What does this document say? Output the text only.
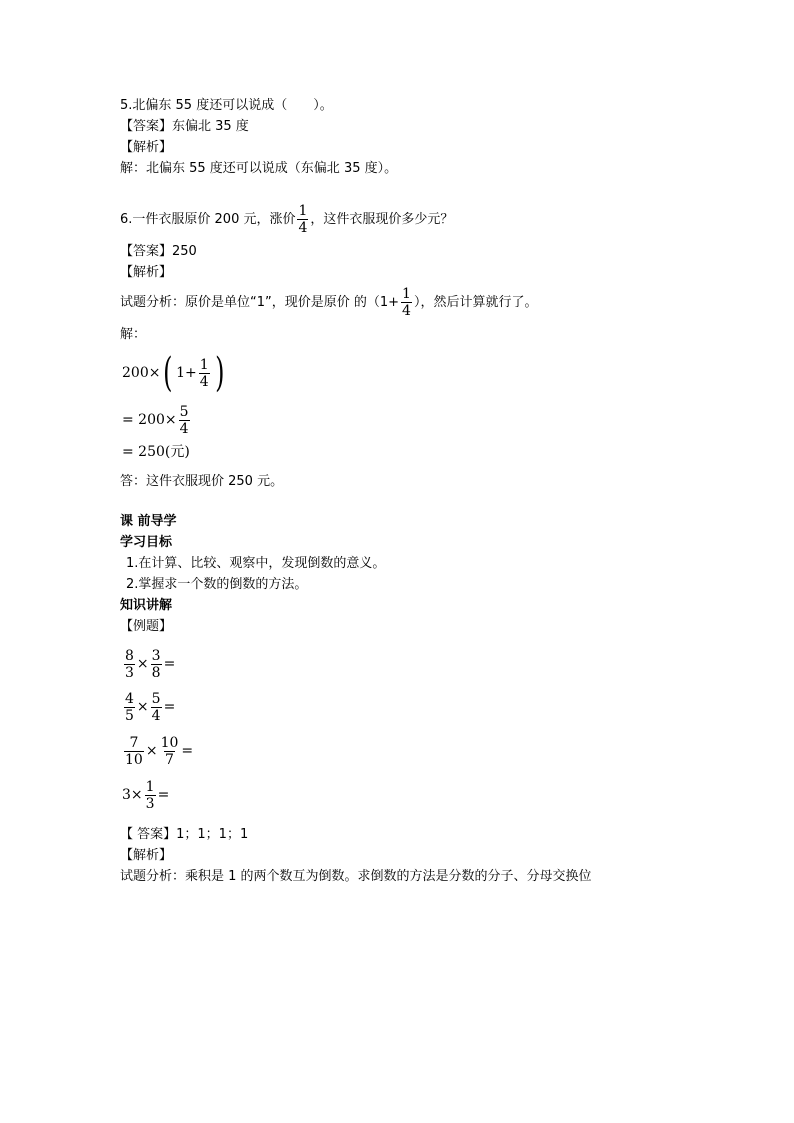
5.北偏东 55 度还可以说成（　　）。
【答案】东偏北 35 度
【解析】
解：北偏东 55 度还可以说成（东偏北 35 度）。
6.一件衣服原价 200 元，涨价 $\frac{1}{4}$ ，这件衣服现价多少元？
【答案】250
【解析】
试题分析：原价是单位“1”，现价是原价 的（$1+ \frac{1}{4}$ ），然后计算就行了。
解：
200× ( $1+ \frac{1}{4}$ )
= $200\times \frac{5}{4}$
= 250(元)
答：这件衣服现价 250 元。
课 前导学
学习目标
1.在计算、比较、观察中，发现倒数的意义。
2.掌握求一个数的倒数的方法。
知识讲解
【例题】
$\frac{8}{3} \times \frac{3}{8}$ =
$\frac{4}{5} \times \frac{5}{4}$ =
$\frac{7}{10} \times \frac{10}{7}$ =
$3 \times \frac{1}{3}$ =
【 答案】1；1；1；1
【解析】
试题分析：乘积是 1 的两个数互为倒数。求倒数的方法是分数的分子、分母交换位
